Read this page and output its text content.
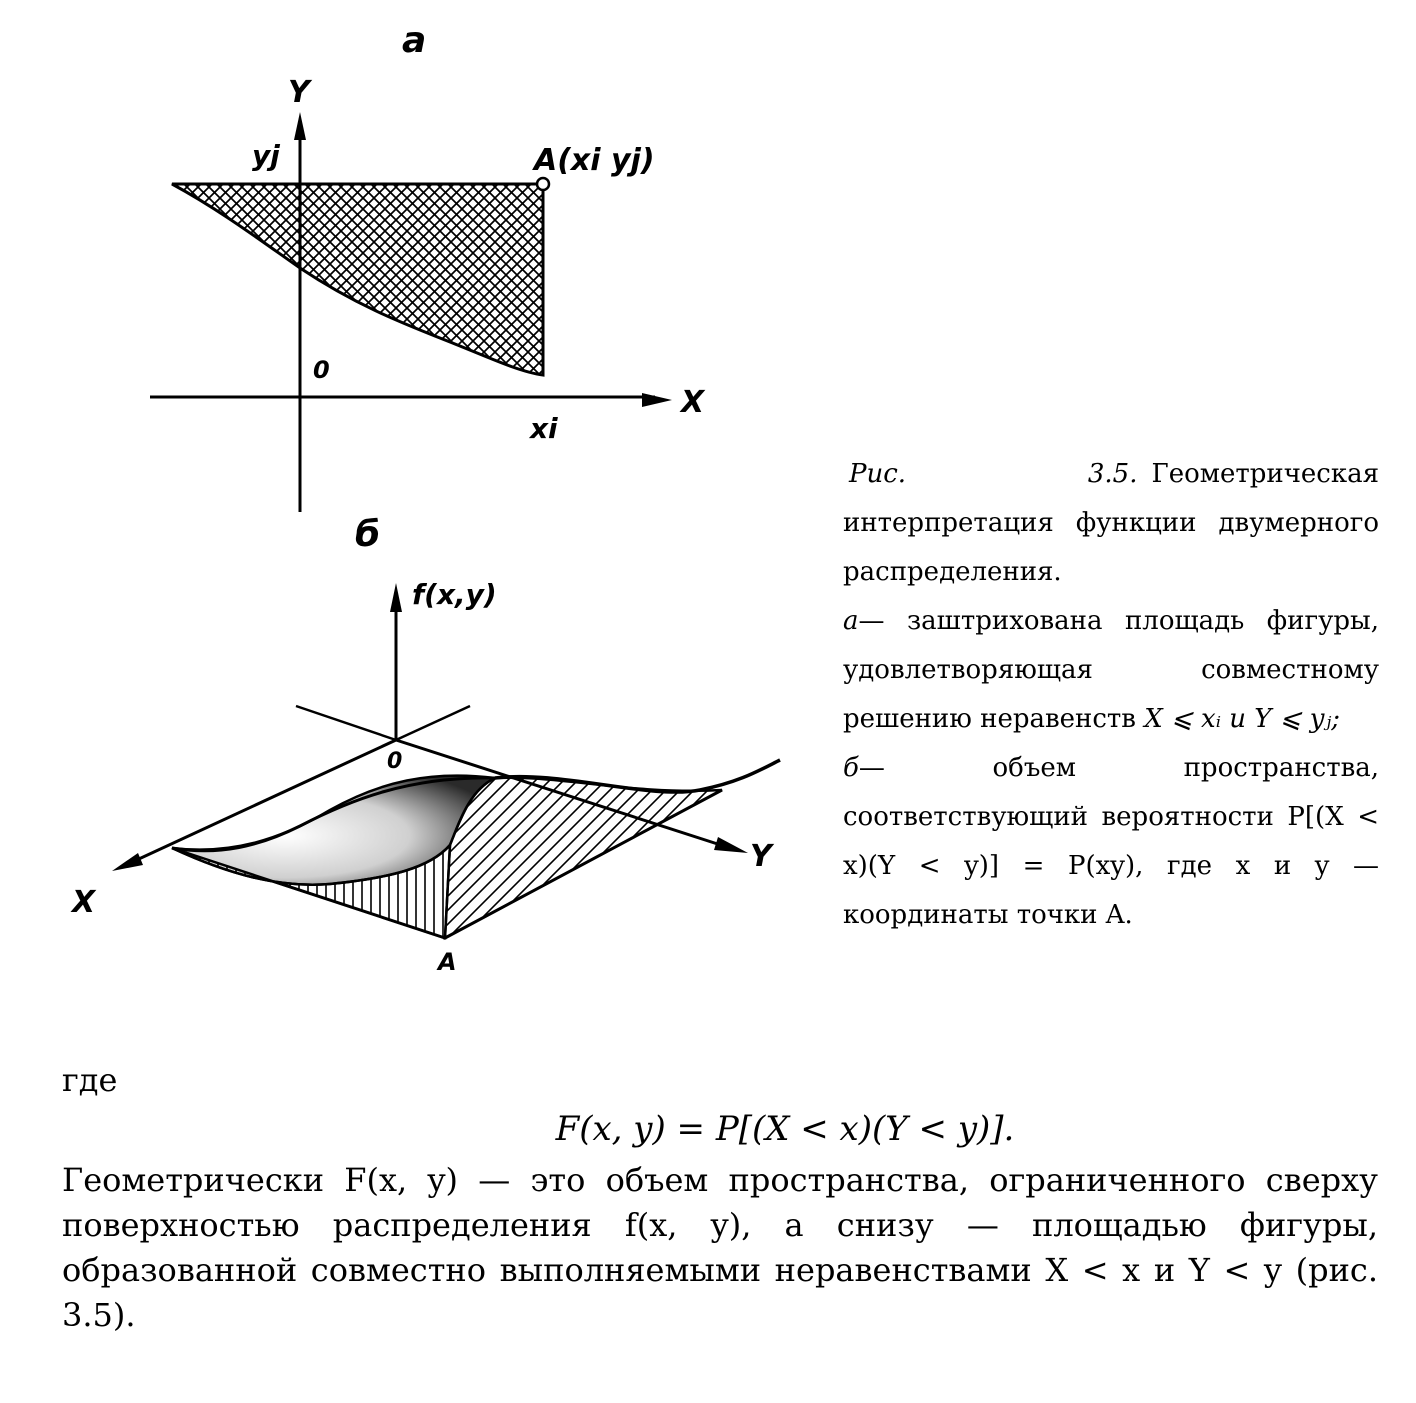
a
Y
yj
0
X
xi
A(xi yj)
б
f(x,y)
X
Y
0
A

Рис. 3.5. Геометрическая интерпретация функции двумерного распределения.

а— заштрихована площадь фигуры, удовлетворяющая совместному решению неравенств X ⩽ xᵢ и Y ⩽ yⱼ;

б— объем пространства, соответствующий вероятности P[(X < x)(Y < y)] = P(xy), где x и y — координаты точки A.

где

F(x, y) = P[(X < x)(Y < y)].

Геометрически F(x, y) — это объем пространства, ограниченного сверху поверхностью распределения f(x, y), а снизу — площадью фигуры, образованной совместно выполняемыми неравенствами X < x и Y < y (рис. 3.5).
